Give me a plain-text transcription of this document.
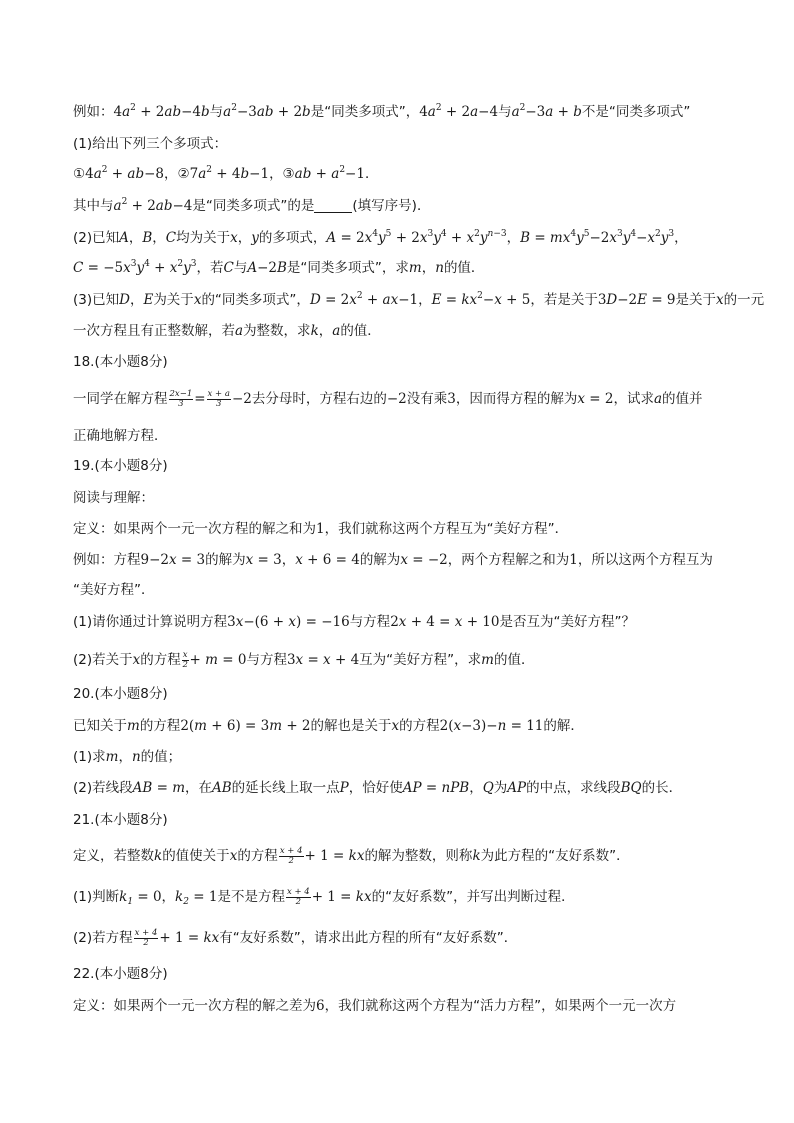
例如：$4a^2 + 2ab-4b$与$a^2-3ab + 2b$是“同类多项式”，$4a^2 + 2a-4$与$a^2-3a + b$不是“同类多项式”
(1)给出下列三个多项式：
$①4a^2 + ab-8$，$②7a^2 + 4b-1$，③ab + $a^2-1$．
其中与$a^2 + 2ab-4$是“同类多项式”的是	(填写序号)．
(2)已知A，B，C均为关于x，y的多项式，$A = 2x^4y^5 + 2x^3y^4 + x^2y^{n-3}$，$B = mx^4y^5-2x^3y^4-x^2y^3$，
$C = -5x^3y^4 + x^2y^3$，若C与A−2B是“同类多项式”，求m，n的值．
(3)已知D，E为关于x的“同类多项式”，$D = 2x^2 + ax-1$，$E = kx^2-x + 5$，若是关于3D−2E = 9是关于x的一元
一次方程且有正整数解，若a为整数，求k，a的值．
18.(本小题8分)
一同学在解方程 $\frac{2x-1}{3} = \frac{x + a}{3} -2$去分母时，方程右边的−2没有乘3，因而得方程的解为x = 2，试求a的值并
正确地解方程．
19.(本小题8分)
阅读与理解：
定义：如果两个一元一次方程的解之和为1，我们就称这两个方程互为“美好方程”．
例如：方程9−2x = 3的解为x = 3，x + 6 = 4的解为x = −2，两个方程解之和为1，所以这两个方程互为
“美好方程”．
(1)请你通过计算说明方程3x−(6 + x) = −16与方程2x + 4 = x + 10是否互为“美好方程”？
(2)若关于x的方程 $\frac{x}{2} + m = 0$与方程3x = x + 4互为“美好方程”，求m的值．
20.(本小题8分)
已知关于m的方程2(m + 6) = 3m + 2的解也是关于x的方程2(x−3)−n = 11的解．
(1)求m，n的值；
(2)若线段AB = m，在AB的延长线上取一点P，恰好使AP = nPB，Q为AP的中点，求线段BQ的长．
21.(本小题8分)
定义，若整数k的值使关于x的方程 $\frac{x + 4}{2} + 1$ = kx的解为整数，则称k为此方程的“友好系数”．
(1)判断$k_1 = 0$，$k_2 = 1$是不是方程 $\frac{x + 4}{2} + 1$ = kx的“友好系数”，并写出判断过程．
(2)若方程 $\frac{x + 4}{2} + 1$ = kx有“友好系数”，请求出此方程的所有“友好系数”．
22.(本小题8分)
定义：如果两个一元一次方程的解之差为6，我们就称这两个方程为“活力方程”，如果两个一元一次方
